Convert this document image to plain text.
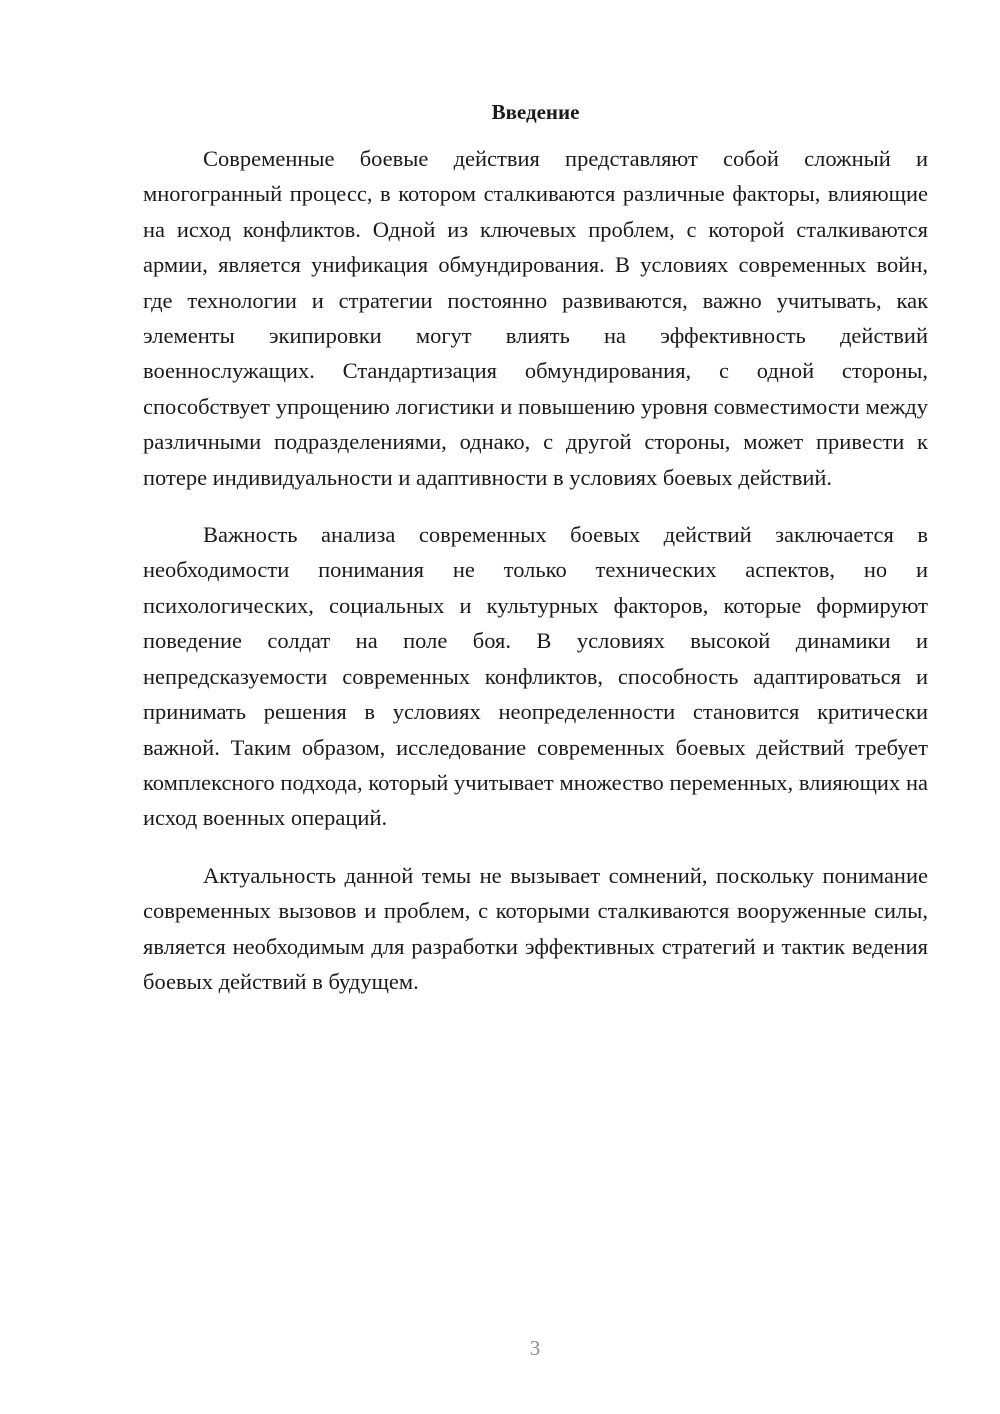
Введение

Современные боевые действия представляют собой сложный и многогранный процесс, в котором сталкиваются различные факторы, влияющие на исход конфликтов. Одной из ключевых проблем, с которой сталкиваются армии, является унификация обмундирования. В условиях современных войн, где технологии и стратегии постоянно развиваются, важно учитывать, как элементы экипировки могут влиять на эффективность действий военнослужащих. Стандартизация обмундирования, с одной стороны, способствует упрощению логистики и повышению уровня совместимости между различными подразделениями, однако, с другой стороны, может привести к потере индивидуальности и адаптивности в условиях боевых действий.

Важность анализа современных боевых действий заключается в необходимости понимания не только технических аспектов, но и психологических, социальных и культурных факторов, которые формируют поведение солдат на поле боя. В условиях высокой динамики и непредсказуемости современных конфликтов, способность адаптироваться и принимать решения в условиях неопределенности становится критически важной. Таким образом, исследование современных боевых действий требует комплексного подхода, который учитывает множество переменных, влияющих на исход военных операций.

Актуальность данной темы не вызывает сомнений, поскольку понимание современных вызовов и проблем, с которыми сталкиваются вооруженные силы, является необходимым для разработки эффективных стратегий и тактик ведения боевых действий в будущем.

3
